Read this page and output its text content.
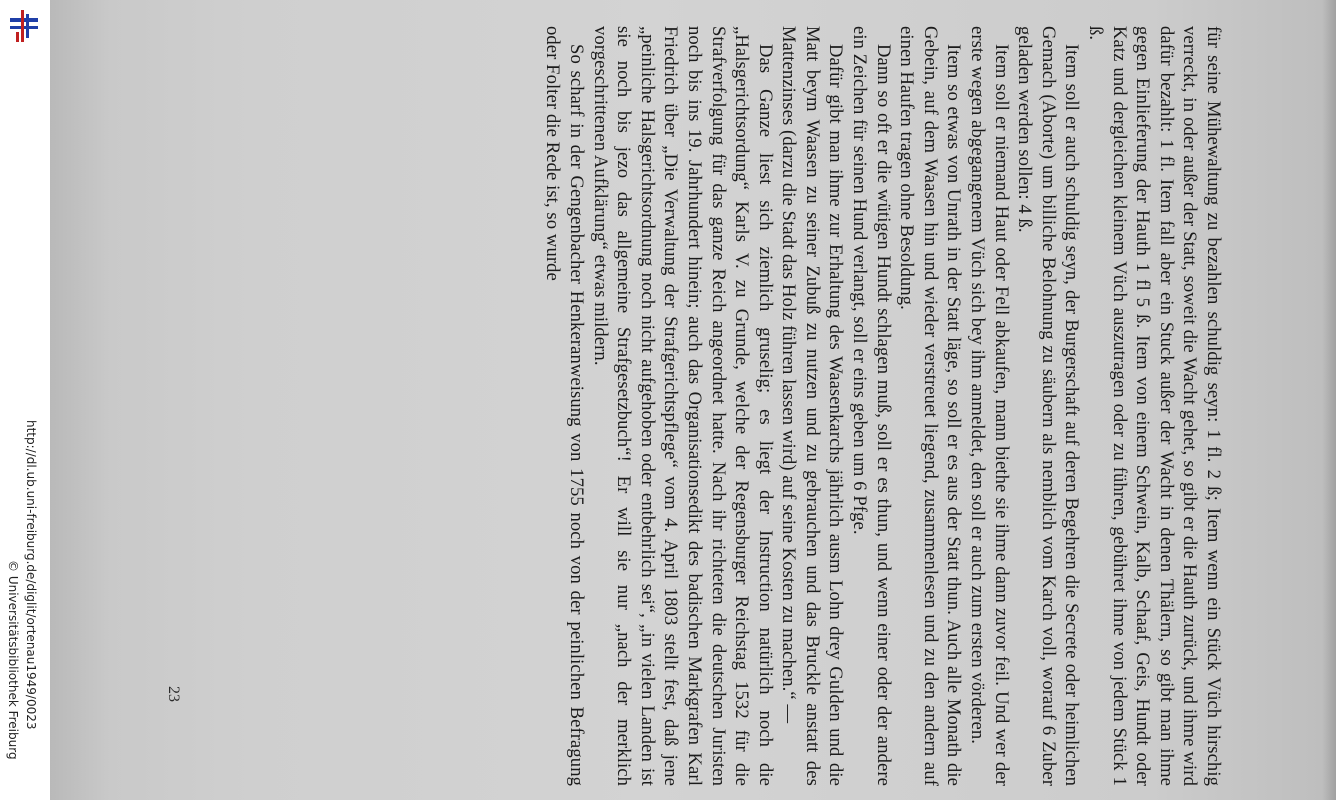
http://dl.ub.uni-freiburg.de/diglit/ortenau1949/0023
© Universitätsbibliothek Freiburg	für seine Mühewaltung zu bezahlen schuldig seyn: 1 fl. 2 ß; Item wenn ein Stück Vüch hirschig verreckt, in oder außer der Statt, soweit die Wacht gehet, so gibt er die Hauth zurück, und ihme wird dafür bezahlt: 1 fl. Item fall aber ein Stuck außer der Wacht in denen Thälern, so gibt man ihme gegen Einlieferung der Hauth 1 fl 5 ß. Item von einem Schwein, Kalb, Schaaf, Geis, Hundt oder Katz und dergleichen kleinem Vüch auszutragen oder zu führen, gebühret ihme von jedem Stück 1 ß.

Item soll er auch schuldig seyn, der Burgerschaft auf deren Begehren die Secrete oder heimlichen Gemach (Aborte) um billiche Belohnung zu säubern als nemblich vom Karch voll, worauf 6 Zuber geladen werden sollen: 4 ß.

Item soll er niemand Haut oder Fell abkaufen, mann biethe sie ihme dann zuvor feil. Und wer der erste wegen abgegangenem Vüch sich bey ihm anmeldet, den soll er auch zum ersten vörderen.

Item so etwas von Unrath in der Statt läge, so soll er es aus der Statt thun. Auch alle Monath die Gebein, auf dem Waasen hin und wieder verstreuet liegend, zusammenlesen und zu den andern auf einen Haufen tragen ohne Besoldung.

Dann so oft er die wütigen Hundt schlagen muß, soll er es thun, und wenn einer oder der andere ein Zeichen für seinen Hund verlangt, soll er eins geben um 6 Pfge.

Dafür gibt man ihme zur Erhaltung des Waasenkarchs jährlich ausm Lohn drey Gulden und die Matt beym Waasen zu seiner Zubuß zu nutzen und zu gebrauchen und das Bruckle anstatt des Mattenzinses (darzu die Stadt das Holz führen lassen wird) auf seine Kosten zu machen.“ —

Das Ganze liest sich ziemlich gruselig; es liegt der Instruction natürlich noch die „Halsgerichtsordung“ Karls V. zu Grunde, welche der Regensburger Reichstag 1532 für die Strafverfolgung für das ganze Reich angeordnet hatte. Nach ihr richteten die deutschen Juristen noch bis ins 19. Jahrhundert hinein; auch das Organisationsedikt des badischen Markgrafen Karl Friedrich über „Die Verwaltung der Strafgerichtspflege“ vom 4. April 1803 stellt fest, daß jene „peinliche Halsgerichtsordnung noch nicht aufgehoben oder entbehrlich sei“, „in vielen Landen ist sie noch bis jezo das allgemeine Strafgesetzbuch“! Er will sie nur „nach der merklich vorgeschrittenen Aufklärung“ etwas mildern.

So scharf in der Gengenbacher Henkeranweisung von 1755 noch von der peinlichen Befragung oder Folter die Rede ist, so wurde

23
